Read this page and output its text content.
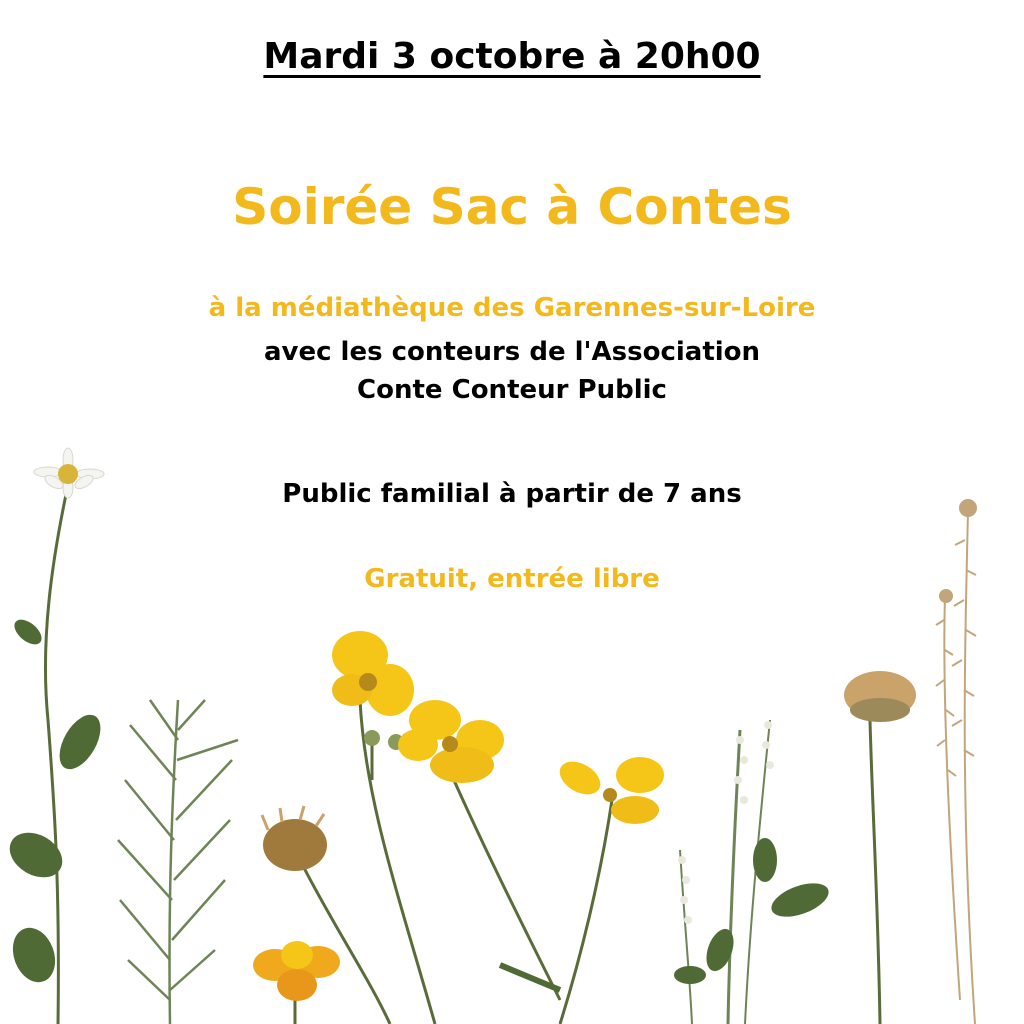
Mardi 3 octobre à 20h00
Soirée Sac à Contes
à la médiathèque des Garennes-sur-Loire
avec les conteurs de l'Association
Conte Conteur Public
Public familial à partir de 7 ans
Gratuit, entrée libre
